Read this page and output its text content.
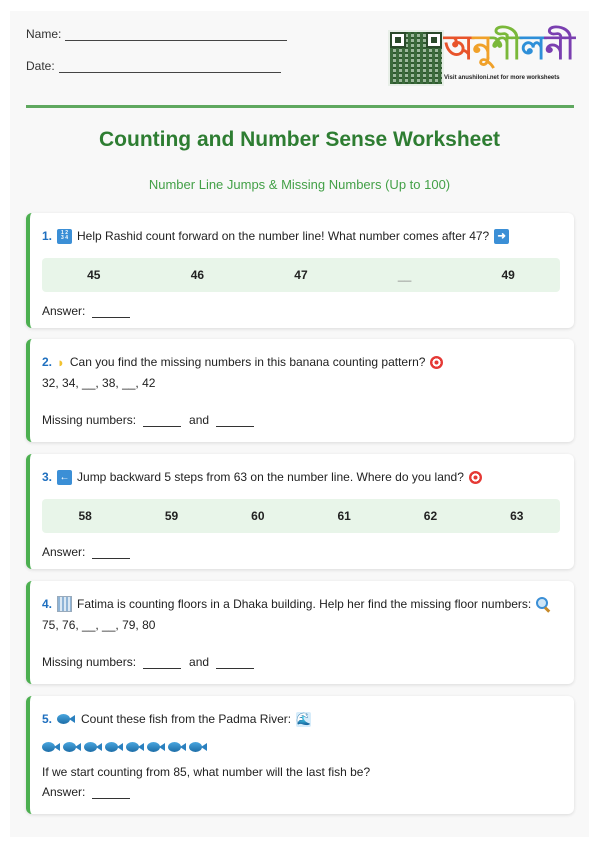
Name:
Date:	অনুশীলনী
Visit anushiloni.net for more worksheets
Counting and Number Sense Worksheet
Number Line Jumps & Missing Numbers (Up to 100)
1. 1 2
3 4 Help Rashid count forward on the number line! What number comes after 47? ➜
45	46	47	__	49
Answer:
2. ◗ Can you find the missing numbers in this banana counting pattern?
32, 34, __, 38, __, 42
Missing numbers:	and
3. ← Jump backward 5 steps from 63 on the number line. Where do you land?
58	59	60	61	62	63
Answer:
4. Fatima is counting floors in a Dhaka building. Help her find the missing floor numbers:
75, 76, __, __, 79, 80
Missing numbers:	and
5. Count these fish from the Padma River: 🌊
If we start counting from 85, what number will the last fish be?
Answer:
